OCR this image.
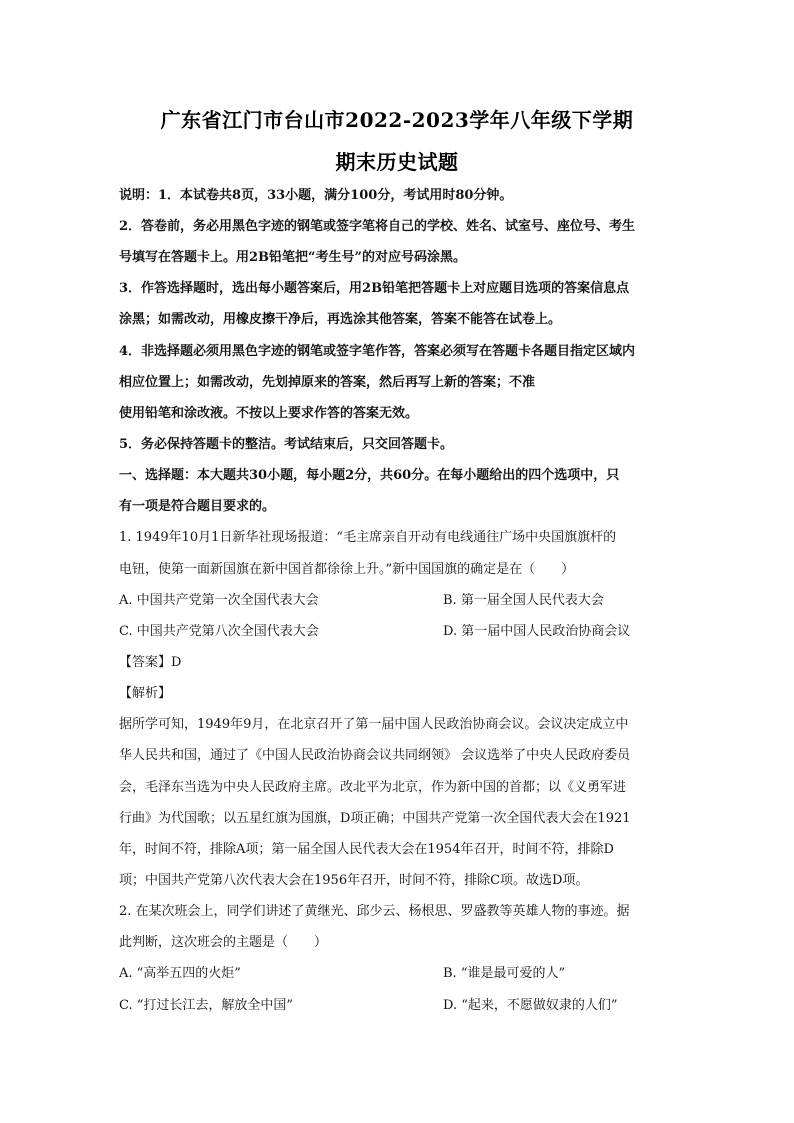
广东省江门市台山市2022-2023学年八年级下学期
期末历史试题
说明：1．本试卷共8页，33小题，满分100分，考试用时80分钟。
2．答卷前，务必用黑色字迹的钢笔或签字笔将自己的学校、姓名、试室号、座位号、考生
号填写在答题卡上。用2B铅笔把“考生号”的对应号码涂黑。
3．作答选择题时，选出每小题答案后，用2B铅笔把答题卡上对应题目选项的答案信息点
涂黑；如需改动，用橡皮擦干净后，再选涂其他答案，答案不能答在试卷上。
4．非选择题必须用黑色字迹的钢笔或签字笔作答，答案必须写在答题卡各题目指定区域内
相应位置上；如需改动，先划掉原来的答案，然后再写上新的答案；不准
使用铅笔和涂改液。不按以上要求作答的答案无效。
5．务必保持答题卡的整洁。考试结束后，只交回答题卡。
一、选择题：本大题共30小题，每小题2分，共60分。在每小题给出的四个选项中，只
有一项是符合题目要求的。
1. 1949年10月1日新华社现场报道：“毛主席亲自开动有电线通往广场中央国旗旗杆的
电钮，使第一面新国旗在新中国首都徐徐上升。”新中国国旗的确定是在（　　）
A. 中国共产党第一次全国代表大会	B. 第一届全国人民代表大会
C. 中国共产党第八次全国代表大会	D. 第一届中国人民政治协商会议
【答案】D
【解析】
据所学可知，1949年9月，在北京召开了第一届中国人民政治协商会议。会议决定成立中
华人民共和国，通过了《中国人民政治协商会议共同纲领》 会议选举了中央人民政府委员
会，毛泽东当选为中央人民政府主席。改北平为北京，作为新中国的首都；以《义勇军进
行曲》为代国歌；以五星红旗为国旗，D项正确；中国共产党第一次全国代表大会在1921
年，时间不符，排除A项；第一届全国人民代表大会在1954年召开，时间不符，排除D
项；中国共产党第八次代表大会在1956年召开，时间不符，排除C项。故选D项。
2. 在某次班会上，同学们讲述了黄继光、邱少云、杨根思、罗盛教等英雄人物的事迹。据
此判断，这次班会的主题是（　　）
A. “高举五四的火炬”	B. “谁是最可爱的人”
C. “打过长江去，解放全中国”	D. “起来，不愿做奴隶的人们”
